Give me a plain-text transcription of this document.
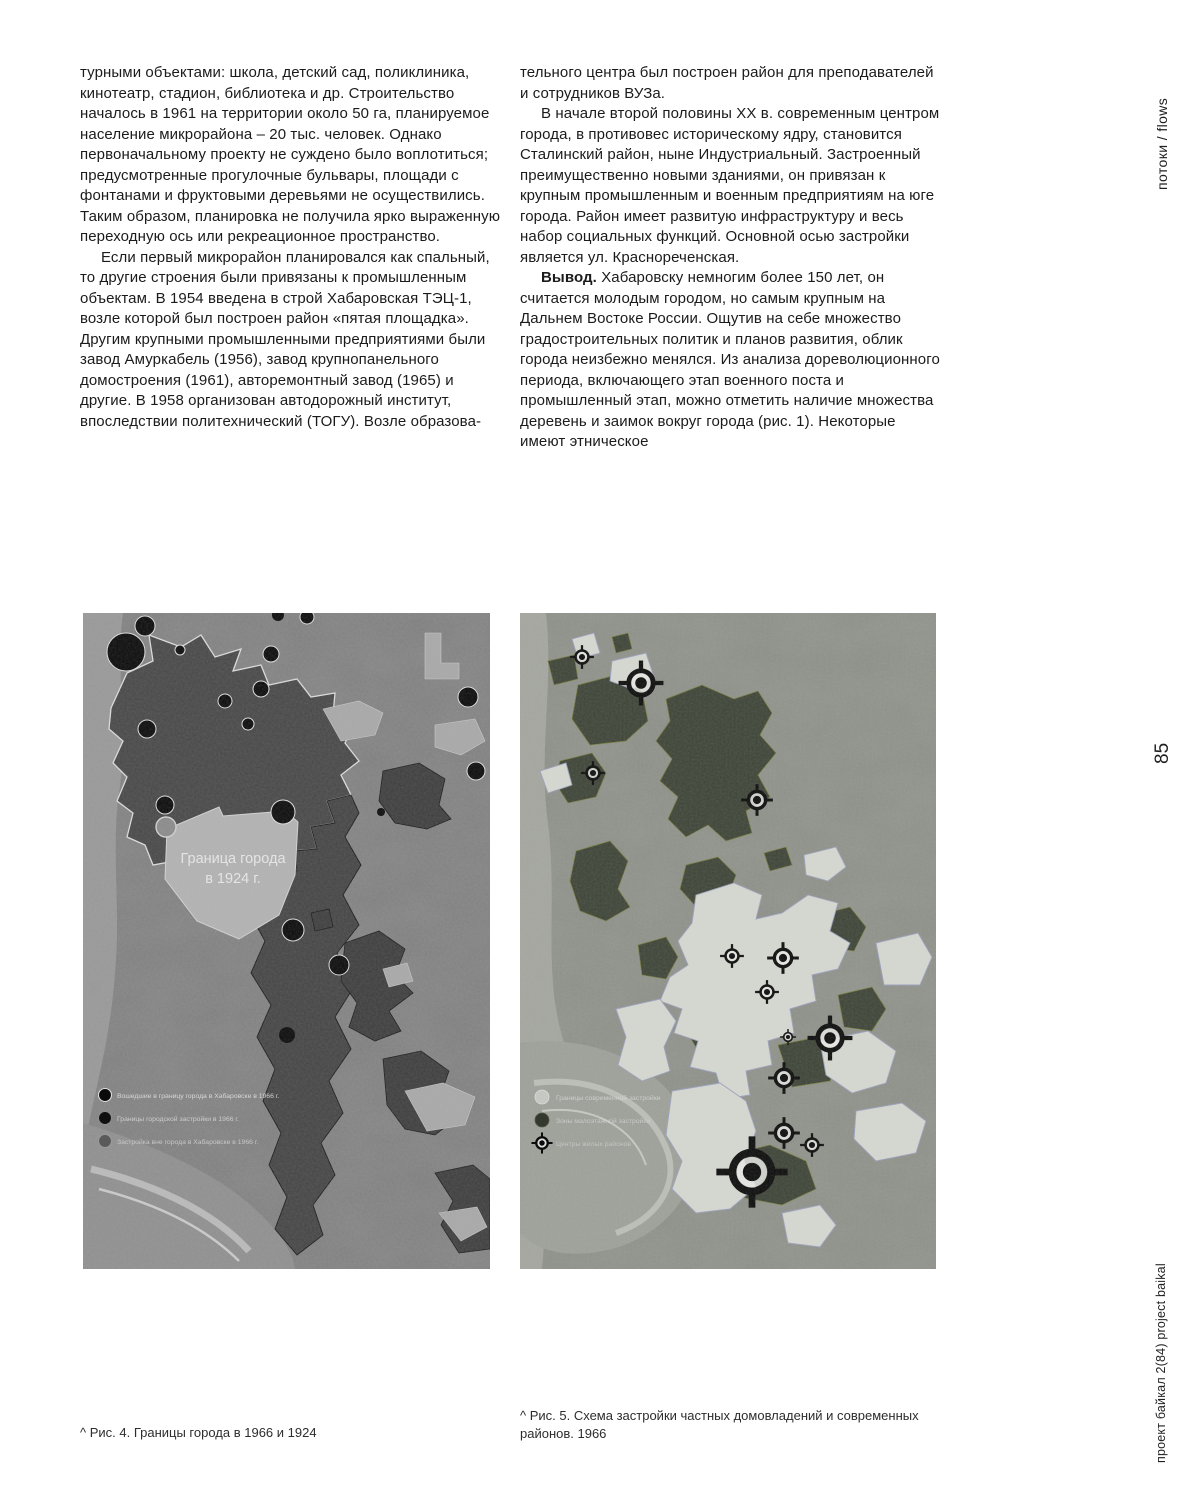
турными объектами: школа, детский сад, поликлиника, кинотеатр, стадион, библиотека и др. Строительство началось в 1961 на территории около 50 га, планируемое население микрорайона – 20 тыс. человек. Однако первоначальному проекту не суждено было воплотиться; предусмотренные прогулочные бульвары, площади с фонтанами и фруктовыми деревьями не осуществились. Таким образом, планировка не получила ярко выраженную переходную ось или рекреационное пространство.

Если первый микрорайон планировался как спальный, то другие строения были привязаны к промышленным объектам. В 1954 введена в строй Хабаровская ТЭЦ-1, возле которой был построен район «пятая площадка». Другим крупными промышленными предприятиями были завод Амуркабель (1956), завод крупнопанельного домостроения (1961), авторемонтный завод (1965) и другие. В 1958 организован автодорожный институт, впоследствии политехнический (ТОГУ). Возле образова-

тельного центра был построен район для преподавателей и сотрудников ВУЗа.

В начале второй половины XX в. современным центром города, в противовес историческому ядру, становится Сталинский район, ныне Индустриальный. Застроенный преимущественно новыми зданиями, он привязан к крупным промышленным и военным предприятиям на юге города. Район имеет развитую инфраструктуру и весь набор социальных функций. Основной осью застройки является ул. Краснореченская.

Вывод. Хабаровску немногим более 150 лет, он считается молодым городом, но самым крупным на Дальнем Востоке России. Ощутив на себе множество градостроительных политик и планов развития, облик города неизбежно менялся. Из анализа дореволюционного периода, включающего этап военного поста и промышленный этап, можно отметить наличие множества деревень и заимок вокруг города (рис. 1). Некоторые имеют этническое

Граница города
в 1924 г.
Вошедшие в границу города в Хабаровске в 1966 г.
Границы городской застройки в 1966 г.
Застройка вне города в Хабаровске в 1966 г.
Границы современной застройки
Зоны малоэтажной застройки
Центры жилых районов
^ Рис. 4. Границы города в 1966 и 1924
^ Рис. 5. Схема застройки частных домовладений и современных районов. 1966
потоки / flows
85
проект байкал 2(84) project baikal
